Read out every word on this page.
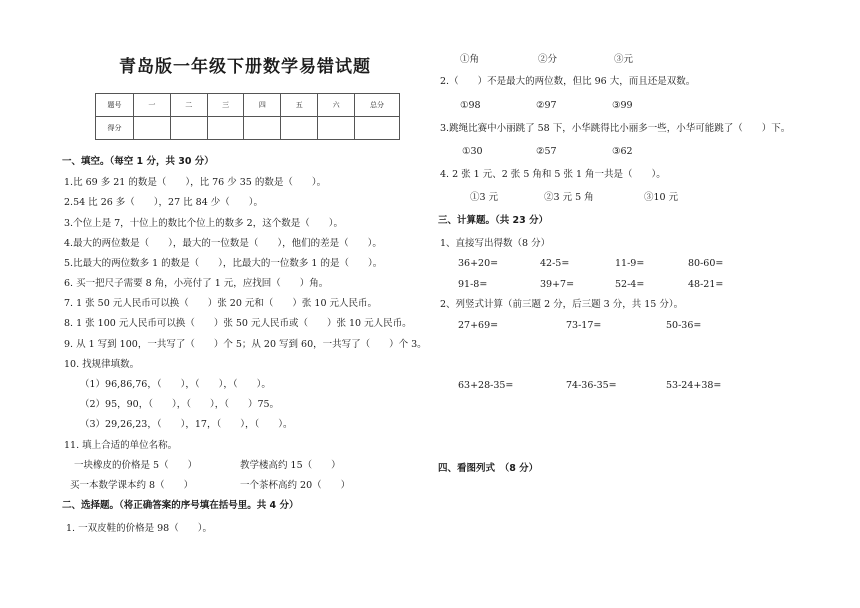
青岛版一年级下册数学易错试题
题号	一	二	三	四	五	六	总分
得分							
一、填空。（每空 1 分，共 30 分）
1.比 69 多 21 的数是（　　），比 76 少 35 的数是（　　）。
2.54 比 26 多（　　），27 比 84 少（　　）。
3.个位上是 7，十位上的数比个位上的数多 2，这个数是（　　）。
4.最大的两位数是（　　），最大的一位数是（　　），他们的差是（　　）。
5.比最大的两位数多 1 的数是（　　），比最大的一位数多 1 的是（　　）。
6. 买一把尺子需要 8 角，小亮付了 1 元，应找回（　　）角。
7. 1 张 50 元人民币可以换（　　）张 20 元和（　　）张 10 元人民币。
8. 1 张 100 元人民币可以换（　　）张 50 元人民币或（　　）张 10 元人民币。
9. 从 1 写到 100，一共写了（　　）个 5；从 20 写到 60，一共写了（　　）个 3。
10. 找规律填数。
（1）96,86,76，（　　），（　　），（　　）。
（2）95，90，（　　），（　　），（　　）75。
（3）29,26,23，（　　），17，（　　），（　　）。
11. 填上合适的单位名称。
一块橡皮的价格是 5（　　）	教学楼高约 15（　　）
买一本数学课本约 8（　　）	一个茶杯高约 20（　　）
二、选择题。（将正确答案的序号填在括号里。共 4 分）
1. 一双皮鞋的价格是 98（　　）。
①角	②分	③元
2.（　　）不是最大的两位数，但比 96 大，而且还是双数。
①98	②97	③99
3.跳绳比赛中小丽跳了 58 下，小华跳得比小丽多一些，小华可能跳了（　　）下。
①30	②57	③62
4. 2 张 1 元、2 张 5 角和 5 张 1 角一共是（　　）。
①3 元	②3 元 5 角	③10 元
三、计算题。（共 23 分）
1、直接写出得数（8 分）
36+20=	42-5=	11-9=	80-60=
91-8=	39+7=	52-4=	48-21=
2、列竖式计算（前三题 2 分，后三题 3 分，共 15 分）。
27+69=	73-17=	50-36=
63+28-35=	74-36-35=	53-24+38=
四、看图列式　（8 分）
